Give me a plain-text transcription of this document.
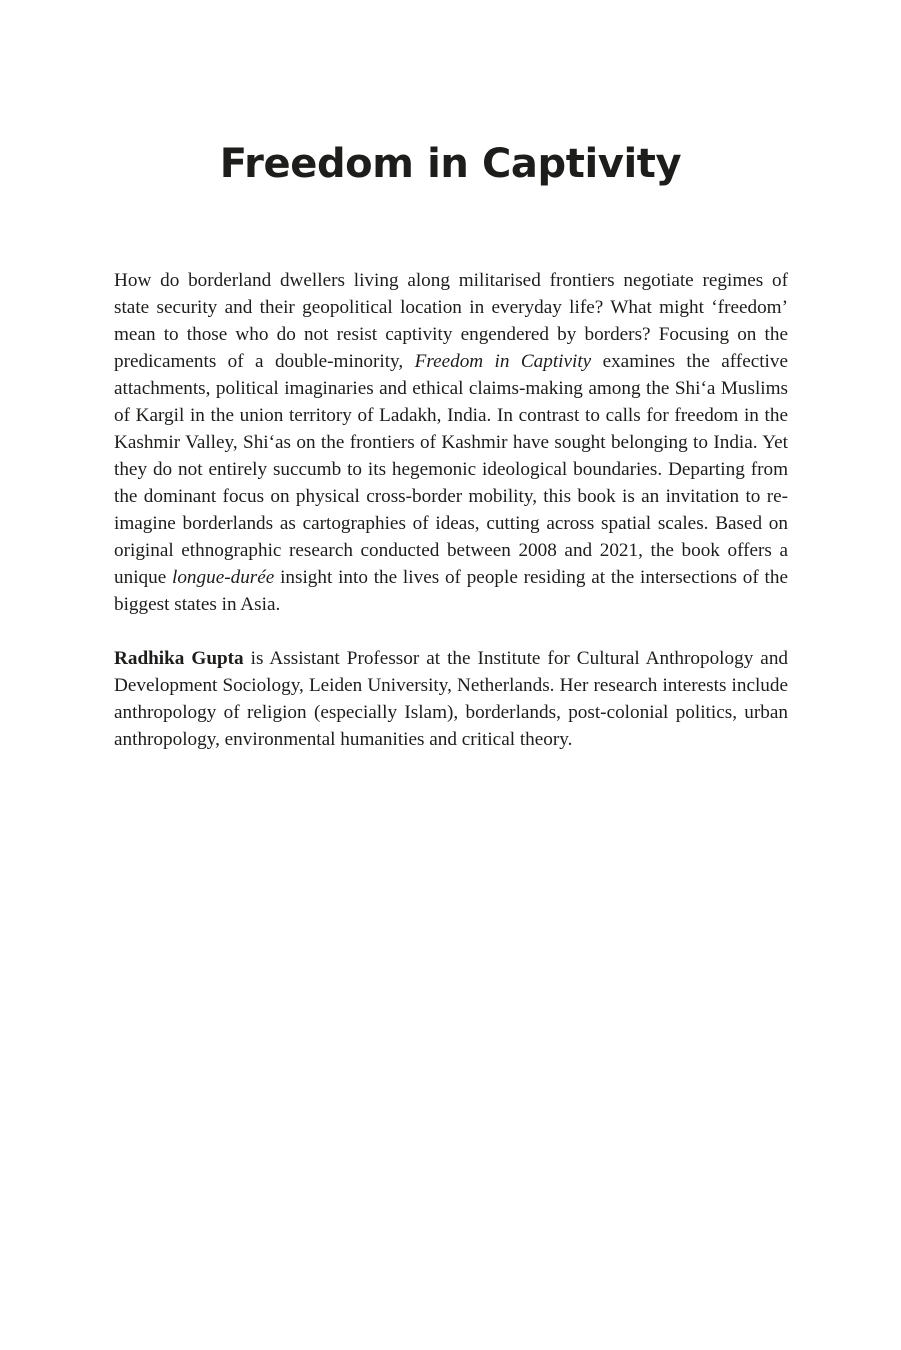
Freedom in Captivity

How do borderland dwellers living along militarised frontiers negotiate regimes of state security and their geopolitical location in everyday life? What might ‘freedom’ mean to those who do not resist captivity engendered by borders? Focusing on the predicaments of a double-minority, Freedom in Captivity examines the affective attachments, political imaginaries and ethical claims-making among the Shi‘a Muslims of Kargil in the union territory of Ladakh, India. In contrast to calls for freedom in the Kashmir Valley, Shi‘as on the frontiers of Kashmir have sought belonging to India. Yet they do not entirely succumb to its hegemonic ideological boundaries. Departing from the dominant focus on physical cross-border mobility, this book is an invitation to re-imagine borderlands as cartographies of ideas, cutting across spatial scales. Based on original ethnographic research conducted between 2008 and 2021, the book offers a unique longue-durée insight into the lives of people residing at the intersections of the biggest states in Asia.

Radhika Gupta is Assistant Professor at the Institute for Cultural Anthropology and Development Sociology, Leiden University, Netherlands. Her research interests include anthropology of religion (especially Islam), borderlands, post-colonial politics, urban anthropology, environmental humanities and critical theory.
